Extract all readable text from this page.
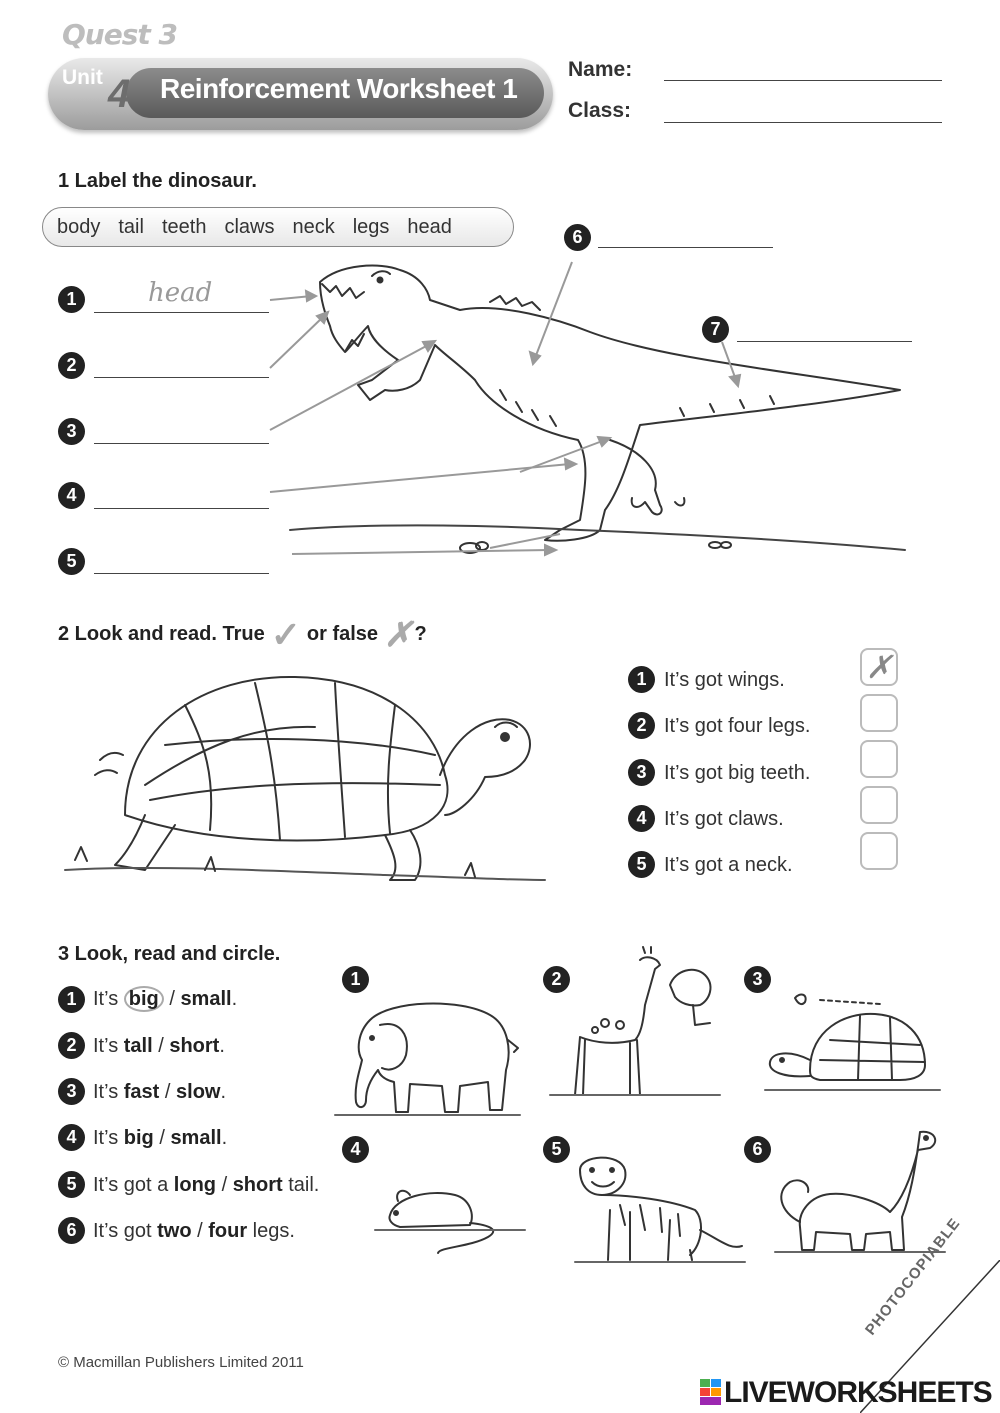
Quest 3
Unit 4 Reinforcement Worksheet 1
Name:
Class:
1 Label the dinosaur.
body tail teeth claws neck legs head
1	head
2
3
4
5
6
7
2 Look and read. True ✓ or false ✗ ?
1 It’s got wings.	✗
2 It’s got four legs.
3 It’s got big teeth.
4 It’s got claws.
5 It’s got a neck.
3 Look, read and circle.
1 It’s big / small.
2 It’s tall / short.
3 It’s fast / slow.
4 It’s big / small.
5 It’s got a long / short tail.
6 It’s got two / four legs.
1	2	3
4	5	6
© Macmillan Publishers Limited 2011
PHOTOCOPIABLE
LIVEWORKSHEETS
